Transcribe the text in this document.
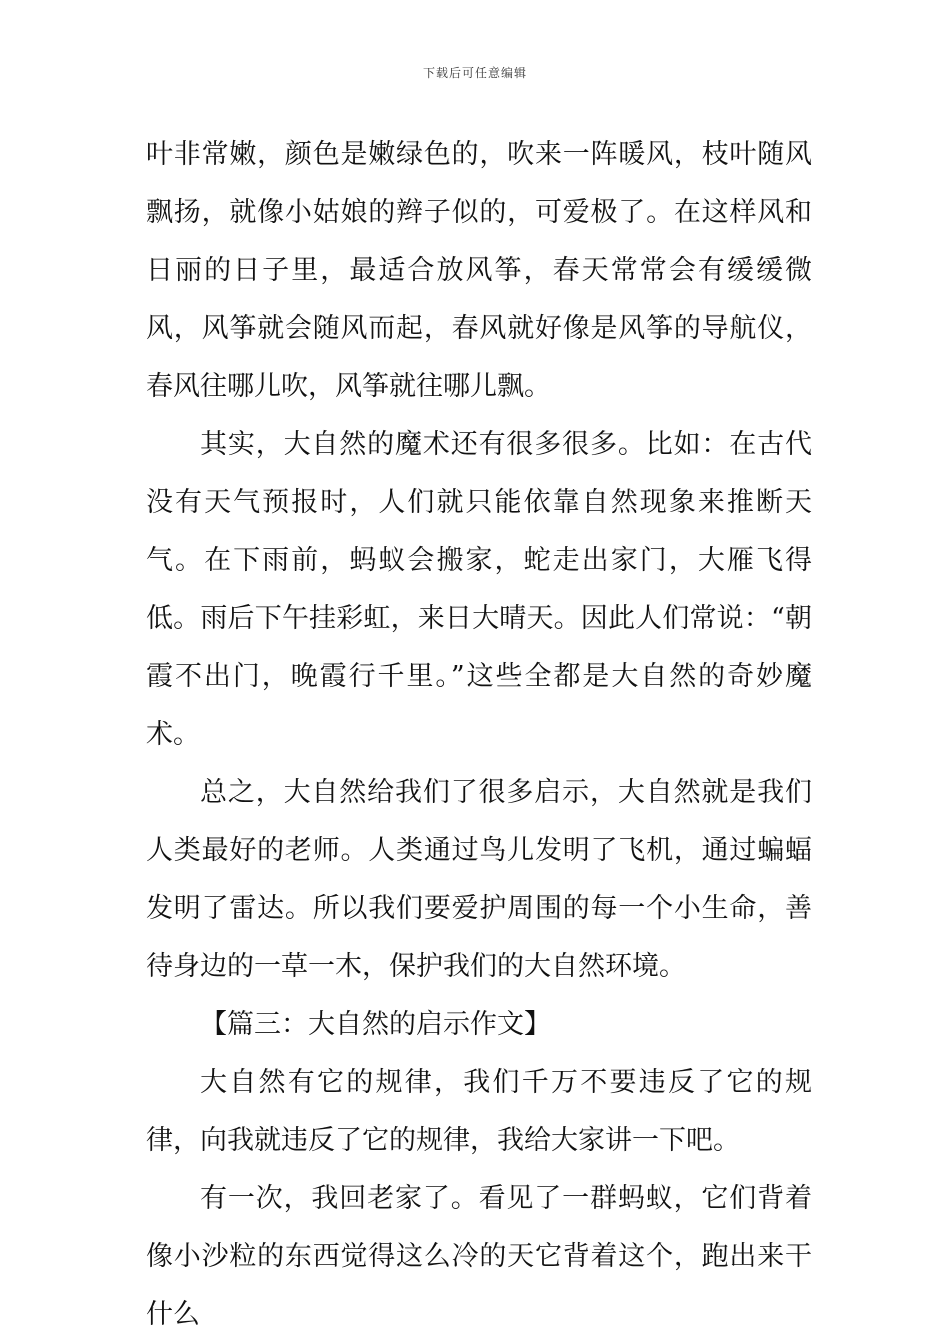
下载后可任意编辑

叶非常嫩，颜色是嫩绿色的，吹来一阵暖风，枝叶随风飘扬，就像小姑娘的辫子似的，可爱极了。在这样风和日丽的日子里，最适合放风筝，春天常常会有缓缓微风，风筝就会随风而起，春风就好像是风筝的导航仪，春风往哪儿吹，风筝就往哪儿飘。

其实，大自然的魔术还有很多很多。比如：在古代没有天气预报时，人们就只能依靠自然现象来推断天气。在下雨前，蚂蚁会搬家，蛇走出家门，大雁飞得低。雨后下午挂彩虹，来日大晴天。因此人们常说：“朝霞不出门，晚霞行千里。”这些全都是大自然的奇妙魔术。

总之，大自然给我们了很多启示，大自然就是我们人类最好的老师。人类通过鸟儿发明了飞机，通过蝙蝠发明了雷达。所以我们要爱护周围的每一个小生命，善待身边的一草一木，保护我们的大自然环境。

【篇三：大自然的启示作文】

大自然有它的规律，我们千万不要违反了它的规律，向我就违反了它的规律，我给大家讲一下吧。

有一次，我回老家了。看见了一群蚂蚁，它们背着像小沙粒的东西觉得这么冷的天它背着这个，跑出来干什么
